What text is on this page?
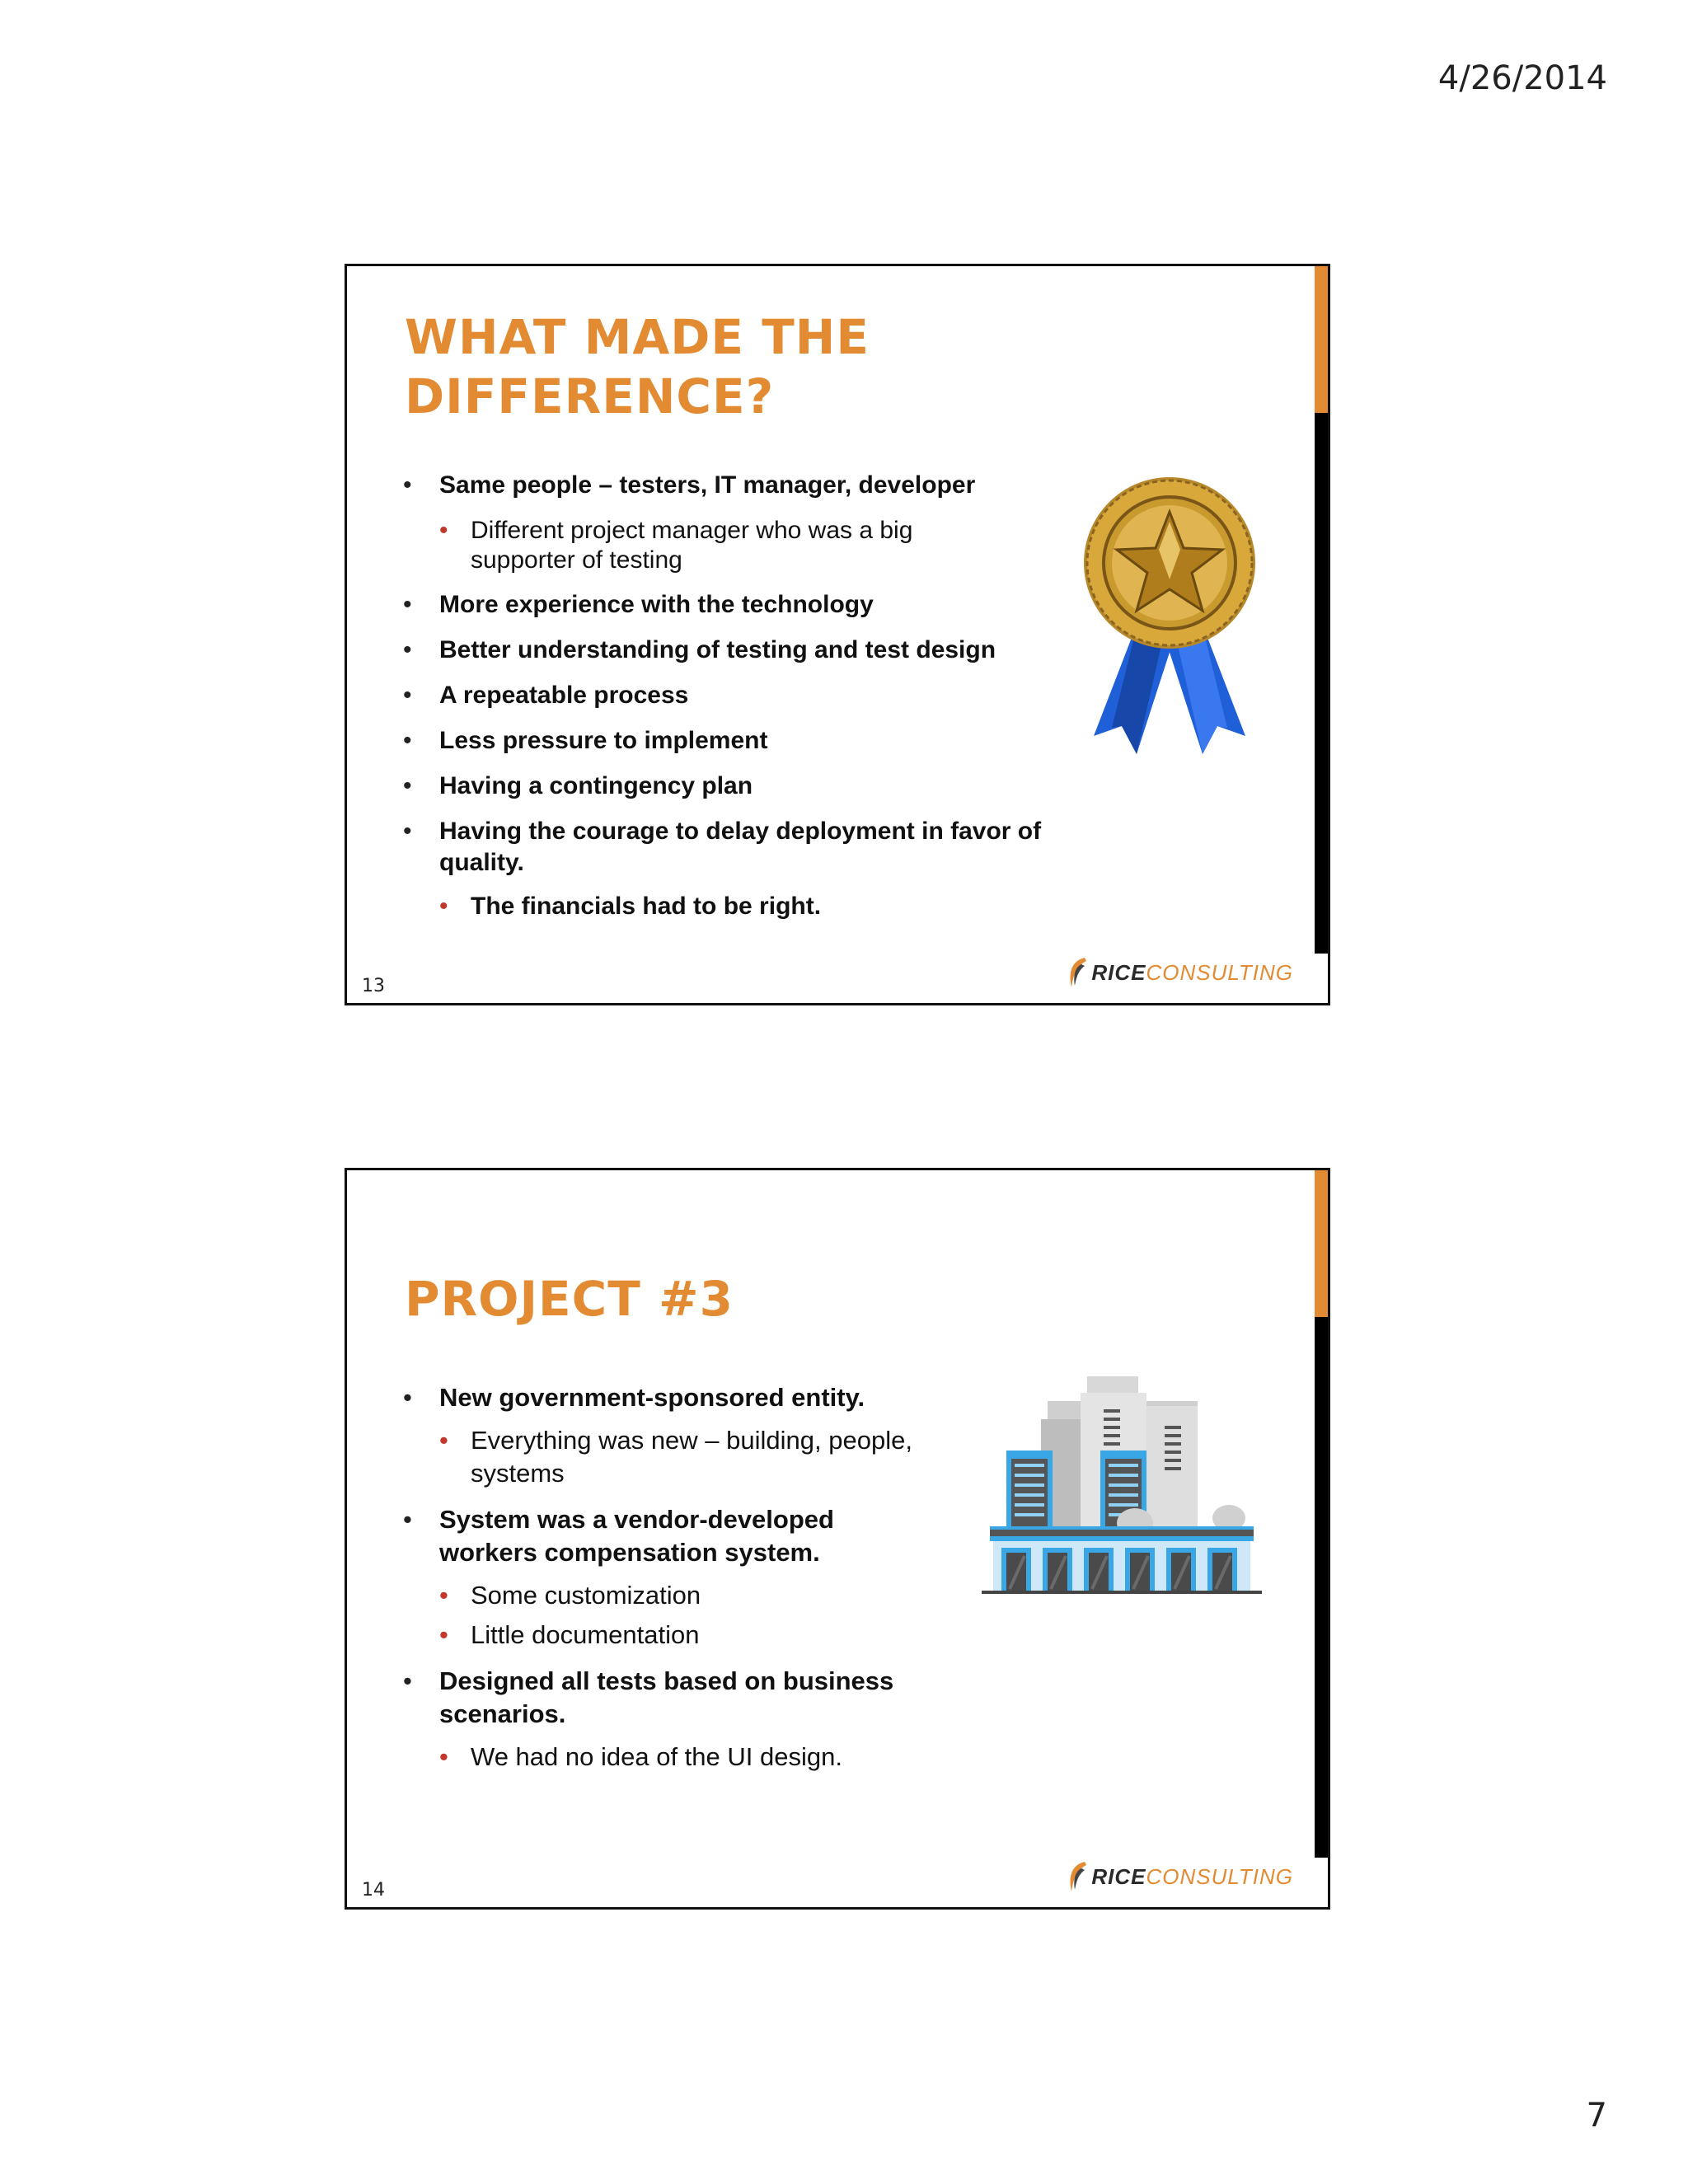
4/26/2014
WHAT MADE THE
DIFFERENCE?
• Same people – testers, IT manager, developer
• Different project manager who was a big supporter of testing
• More experience with the technology
• Better understanding of testing and test design
• A repeatable process
• Less pressure to implement
• Having a contingency plan
• Having the courage to delay deployment in favor of quality.
• The financials had to be right.
13
RICE CONSULTING
PROJECT #3
• New government-sponsored entity.
• Everything was new – building, people, systems
• System was a vendor-developed workers compensation system.
• Some customization
• Little documentation
• Designed all tests based on business scenarios.
• We had no idea of the UI design.
14
RICE CONSULTING
7
